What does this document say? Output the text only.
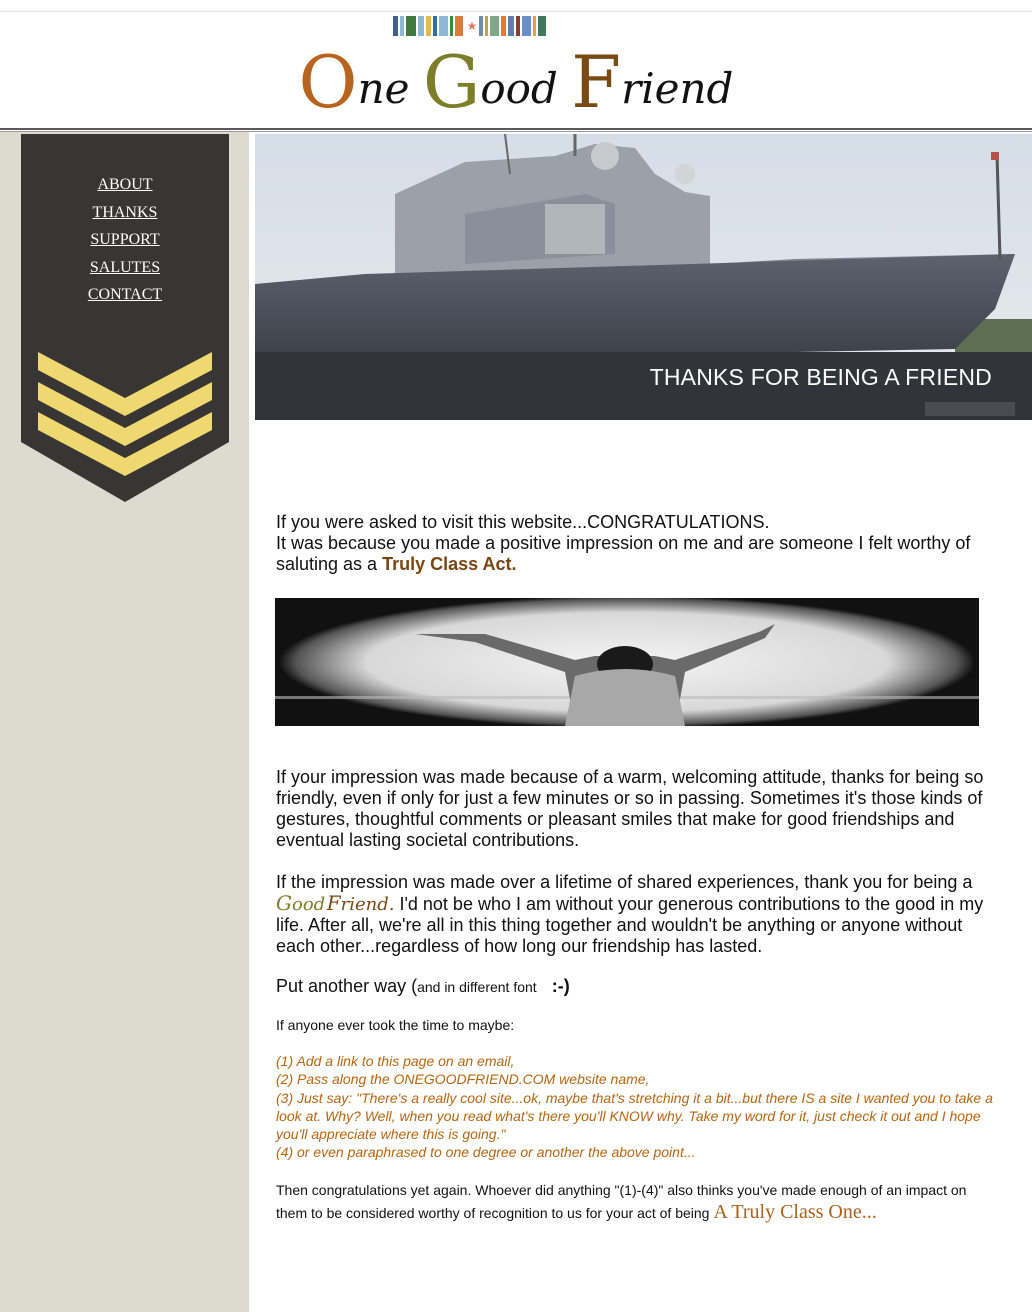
★
One Good Friend
ABOUT
THANKS
SUPPORT
SALUTES
CONTACT
THANKS FOR BEING A FRIEND

If you were asked to visit this website...CONGRATULATIONS.
It was because you made a positive impression on me and are someone I felt worthy of saluting as a Truly Class Act.

If your impression was made because of a warm, welcoming attitude, thanks for being so friendly, even if only for just a few minutes or so in passing. Sometimes it's those kinds of gestures, thoughtful comments or pleasant smiles that make for good friendships and eventual lasting societal contributions.

If the impression was made over a lifetime of shared experiences, thank you for being a Good Friend. I'd not be who I am without your generous contributions to the good in my life. After all, we're all in this thing together and wouldn't be anything or anyone without each other...regardless of how long our friendship has lasted.

Put another way (and in different font :-)

If anyone ever took the time to maybe:

(1) Add a link to this page on an email,

(2) Pass along the ONEGOODFRIEND.COM website name,

(3) Just say: "There's a really cool site...ok, maybe that's stretching it a bit...but there IS a site I wanted you to take a look at. Why? Well, when you read what's there you'll KNOW why. Take my word for it, just check it out and I hope you'll appreciate where this is going."

(4) or even paraphrased to one degree or another the above point...

Then congratulations yet again. Whoever did anything "(1)-(4)" also thinks you've made enough of an impact on them to be considered worthy of recognition to us for your act of being A Truly Class One...
